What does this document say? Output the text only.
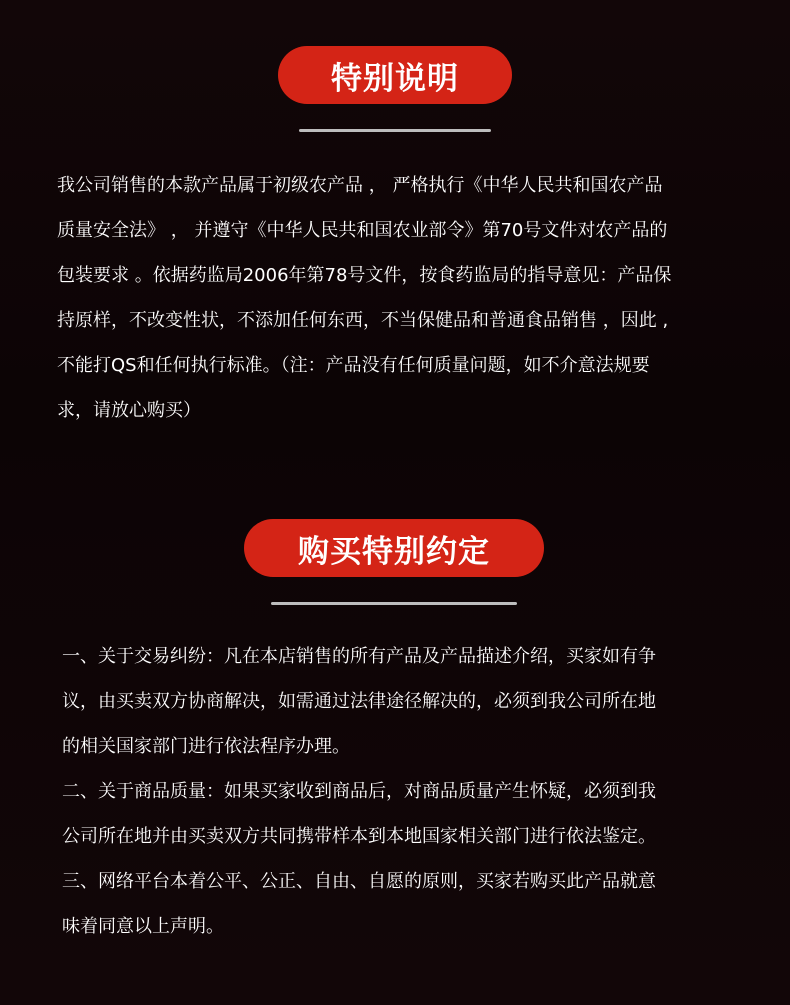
特别说明
我公司销售的本款产品属于初级农产品 ， 严格执行《中华人民共和国农产品
质量安全法》 ， 并遵守《中华人民共和国农业部令》第70号文件对农产品的
包装要求 。依据药监局2006年第78号文件，按食药监局的指导意见：产品保
持原样，不改变性状，不添加任何东西，不当保健品和普通食品销售 ，因此 ,
不能打QS和任何执行标准。（注：产品没有任何质量问题，如不介意法规要
求，请放心购买）
购买特别约定
一、关于交易纠纷：凡在本店销售的所有产品及产品描述介绍，买家如有争
议，由买卖双方协商解决，如需通过法律途径解决的，必须到我公司所在地
的相关国家部门进行依法程序办理。
二、关于商品质量：如果买家收到商品后，对商品质量产生怀疑，必须到我
公司所在地并由买卖双方共同携带样本到本地国家相关部门进行依法鉴定。
三、网络平台本着公平、公正、自由、自愿的原则，买家若购买此产品就意
味着同意以上声明。
